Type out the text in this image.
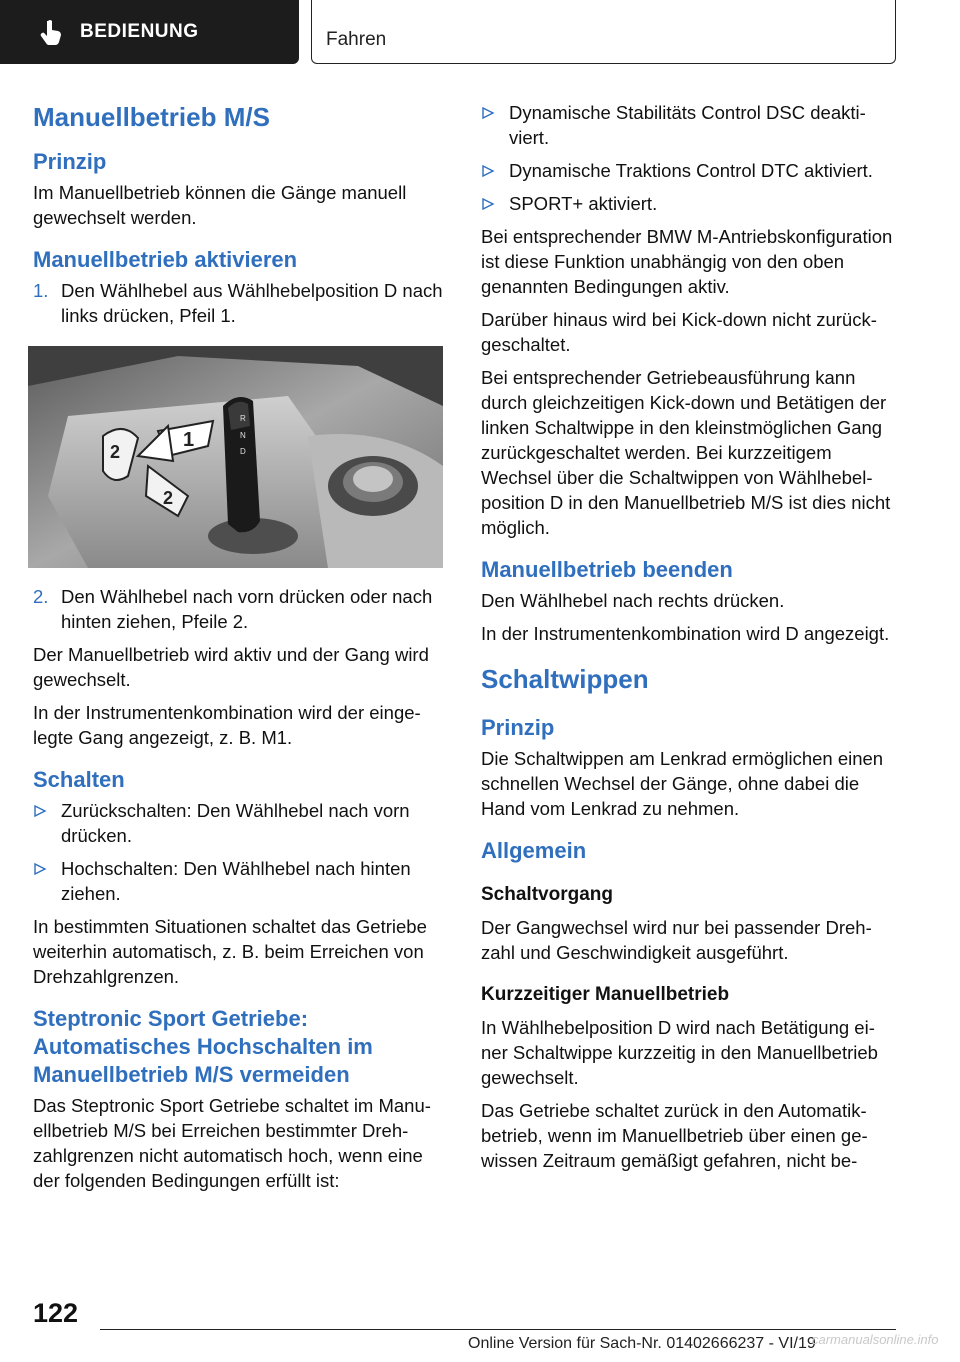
BEDIENUNG	Fahren
Manuellbetrieb M/S
Prinzip

Im Manuellbetrieb können die Gänge manuell gewechselt werden.

Manuellbetrieb aktivieren
1. Den Wählhebel aus Wählhebelposition D nach links drücken, Pfeil 1.
R
N
D
1
2
2
2. Den Wählhebel nach vorn drücken oder nach hinten ziehen, Pfeile 2.

Der Manuellbetrieb wird aktiv und der Gang wird gewechselt.

In der Instrumentenkombination wird der eingelegte Gang angezeigt, z. B. M1.

Schalten
Zurückschalten: Den Wählhebel nach vorn drücken.
Hochschalten: Den Wählhebel nach hinten ziehen.

In bestimmten Situationen schaltet das Getriebe weiterhin automatisch, z. B. beim Erreichen von Drehzahlgrenzen.

Steptronic Sport Getriebe: Automatisches Hochschalten im Manuellbetrieb M/S vermeiden

Das Steptronic Sport Getriebe schaltet im Manuellbetrieb M/S bei Erreichen bestimmter Drehzahlgrenzen nicht automatisch hoch, wenn eine der folgenden Bedingungen erfüllt ist:

Dynamische Stabilitäts Control DSC deaktiviert.
Dynamische Traktions Control DTC aktiviert.
SPORT+ aktiviert.

Bei entsprechender BMW M-Antriebskonfiguration ist diese Funktion unabhängig von den oben genannten Bedingungen aktiv.

Darüber hinaus wird bei Kick-down nicht zurückgeschaltet.

Bei entsprechender Getriebeausführung kann durch gleichzeitigen Kick-down und Betätigen der linken Schaltwippe in den kleinstmöglichen Gang zurückgeschaltet werden. Bei kurzzeitigem Wechsel über die Schaltwippen von Wählhebelposition D in den Manuellbetrieb M/S ist dies nicht möglich.

Manuellbetrieb beenden

Den Wählhebel nach rechts drücken.

In der Instrumentenkombination wird D angezeigt.

Schaltwippen
Prinzip

Die Schaltwippen am Lenkrad ermöglichen einen schnellen Wechsel der Gänge, ohne dabei die Hand vom Lenkrad zu nehmen.

Allgemein
Schaltvorgang

Der Gangwechsel wird nur bei passender Drehzahl und Geschwindigkeit ausgeführt.

Kurzzeitiger Manuellbetrieb

In Wählhebelposition D wird nach Betätigung einer Schaltwippe kurzzeitig in den Manuellbetrieb gewechselt.

Das Getriebe schaltet zurück in den Automatikbetrieb, wenn im Manuellbetrieb über einen gewissen Zeitraum gemäßigt gefahren, nicht be-

122
Online Version für Sach-Nr. 01402666237 - VI/19
carmanualsonline.info
